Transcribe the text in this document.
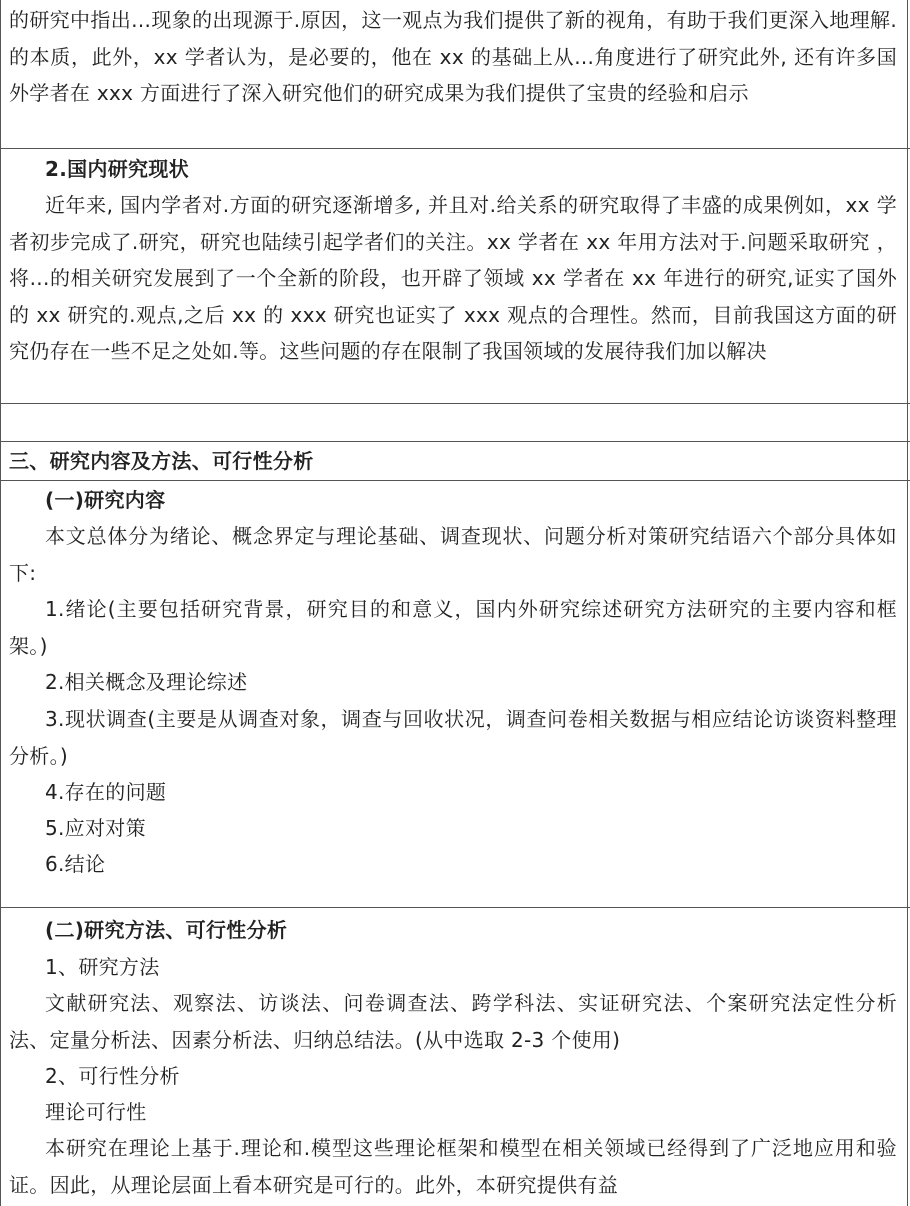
的研究中指出…现象的出现源于.原因，这一观点为我们提供了新的视角，有助于我们更深入地理解.的本质，此外，xx 学者认为，是必要的，他在 xx 的基础上从...角度进行了研究此外, 还有许多国外学者在 xxx 方面进行了深入研究他们的研究成果为我们提供了宝贵的经验和启示

2.国内研究现状

近年来, 国内学者对.方面的研究逐渐增多, 并且对.给关系的研究取得了丰盛的成果例如，xx 学者初步完成了.研究，研究也陆续引起学者们的关注。xx 学者在 xx 年用方法对于.问题采取研究 ，将...的相关研究发展到了一个全新的阶段，也开辟了领域 xx 学者在 xx 年进行的研究,证实了国外的 xx 研究的.观点,之后 xx 的 xxx 研究也证实了 xxx 观点的合理性。然而，目前我国这方面的研究仍存在一些不足之处如.等。这些问题的存在限制了我国领域的发展待我们加以解决

三、研究内容及方法、可行性分析

(一)研究内容

本文总体分为绪论、概念界定与理论基础、调查现状、问题分析对策研究结语六个部分具体如下:

1.绪论(主要包括研究背景，研究目的和意义，国内外研究综述研究方法研究的主要内容和框架。)

2.相关概念及理论综述

3.现状调查(主要是从调查对象，调查与回收状况，调查问卷相关数据与相应结论访谈资料整理分析。)

4.存在的问题

5.应对对策

6.结论

(二)研究方法、可行性分析

1、研究方法

文献研究法、观察法、访谈法、问卷调查法、跨学科法、实证研究法、个案研究法定性分析法、定量分析法、因素分析法、归纳总结法。(从中选取 2-3 个使用)

2、可行性分析

理论可行性

本研究在理论上基于.理论和.模型这些理论框架和模型在相关领域已经得到了广泛地应用和验证。因此，从理论层面上看本研究是可行的。此外，本研究提供有益
